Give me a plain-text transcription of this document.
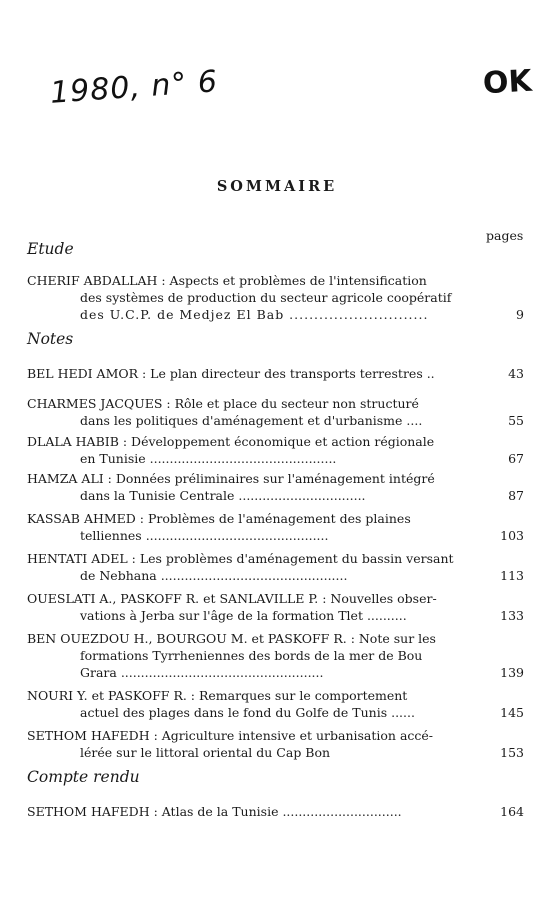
1980, n° 6	OK
SOMMAIRE
pages
Etude
CHERIF ABDALLAH : Aspects et problèmes de l'intensification
des systèmes de production du secteur agricole coopératif
des U.C.P. de Medjez El Bab ............................	9
Notes
BEL HEDI AMOR : Le plan directeur des transports terrestres ..	43
CHARMES JACQUES : Rôle et place du secteur non structuré
dans les politiques d'aménagement et d'urbanisme ....	55
DLALA HABIB : Développement économique et action régionale
en Tunisie ...............................................	67
HAMZA ALI : Données préliminaires sur l'aménagement intégré
dans la Tunisie Centrale ................................	87
KASSAB AHMED : Problèmes de l'aménagement des plaines
telliennes ..............................................	103
HENTATI ADEL : Les problèmes d'aménagement du bassin versant
de Nebhana ...............................................	113
OUESLATI A., PASKOFF R. et SANLAVILLE P. : Nouvelles obser-
vations à Jerba sur l'âge de la formation Tlet ..........	133
BEN OUEZDOU H., BOURGOU M. et PASKOFF R. : Note sur les
formations Tyrrheniennes des bords de la mer de Bou
Grara ...................................................	139
NOURI Y. et PASKOFF R. : Remarques sur le comportement
actuel des plages dans le fond du Golfe de Tunis ......	145
SETHOM HAFEDH : Agriculture intensive et urbanisation accé-
lérée sur le littoral oriental du Cap Bon	153
Compte rendu
SETHOM HAFEDH : Atlas de la Tunisie ..............................	164
